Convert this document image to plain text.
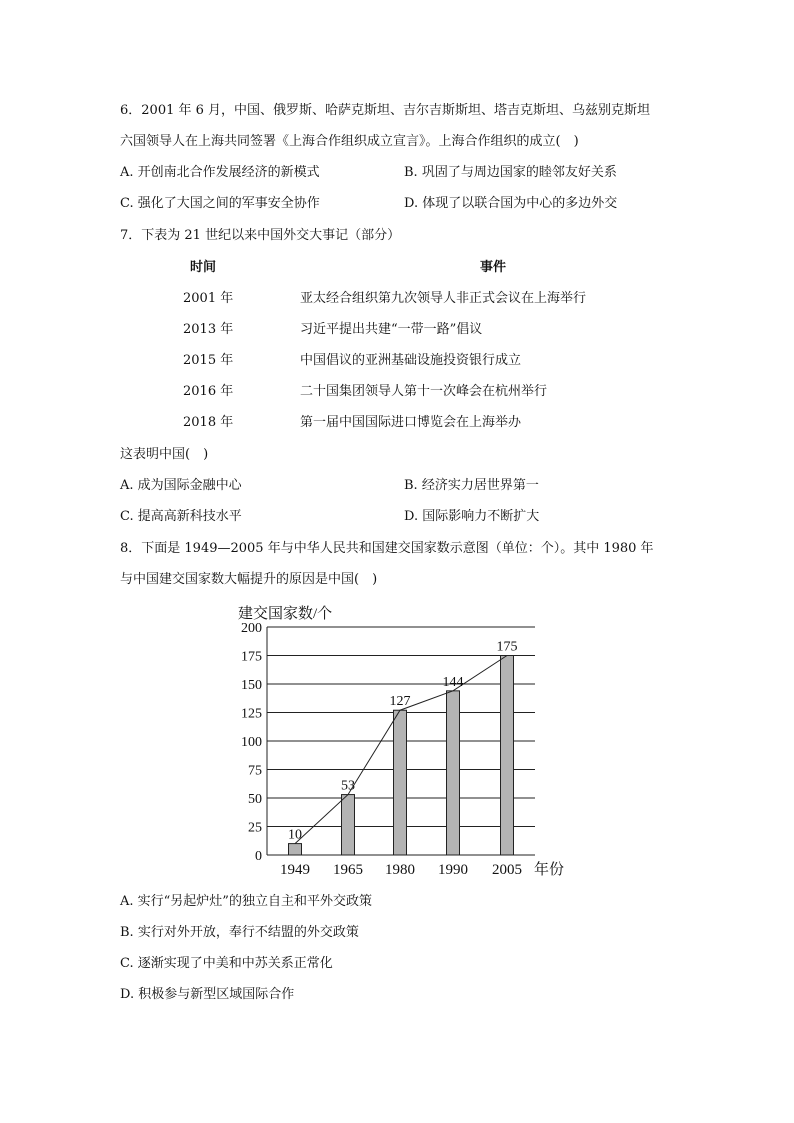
6．2001 年 6 月，中国、俄罗斯、哈萨克斯坦、吉尔吉斯斯坦、塔吉克斯坦、乌兹别克斯坦
六国领导人在上海共同签署《上海合作组织成立宣言》。上海合作组织的成立(　)
A. 开创南北合作发展经济的新模式	B. 巩固了与周边国家的睦邻友好关系
C. 强化了大国之间的军事安全协作	D. 体现了以联合国为中心的多边外交
7．下表为 21 世纪以来中国外交大事记（部分）
时间	事件
2001 年	亚太经合组织第九次领导人非正式会议在上海举行
2013 年	习近平提出共建“一带一路”倡议
2015 年	中国倡议的亚洲基础设施投资银行成立
2016 年	二十国集团领导人第十一次峰会在杭州举行
2018 年	第一届中国国际进口博览会在上海举办
这表明中国(　)
A. 成为国际金融中心	B. 经济实力居世界第一
C. 提高高新科技水平	D. 国际影响力不断扩大
8．下面是 1949—2005 年与中华人民共和国建交国家数示意图（单位：个）。其中 1980 年
与中国建交国家数大幅提升的原因是中国(　)
建交国家数/个
0
25
50
75
100
125
150
175
200
10
53
127
144
175
1949 1965 1980 1990 2005 年份
A. 实行“另起炉灶”的独立自主和平外交政策
B. 实行对外开放，奉行不结盟的外交政策
C. 逐渐实现了中美和中苏关系正常化
D. 积极参与新型区域国际合作
